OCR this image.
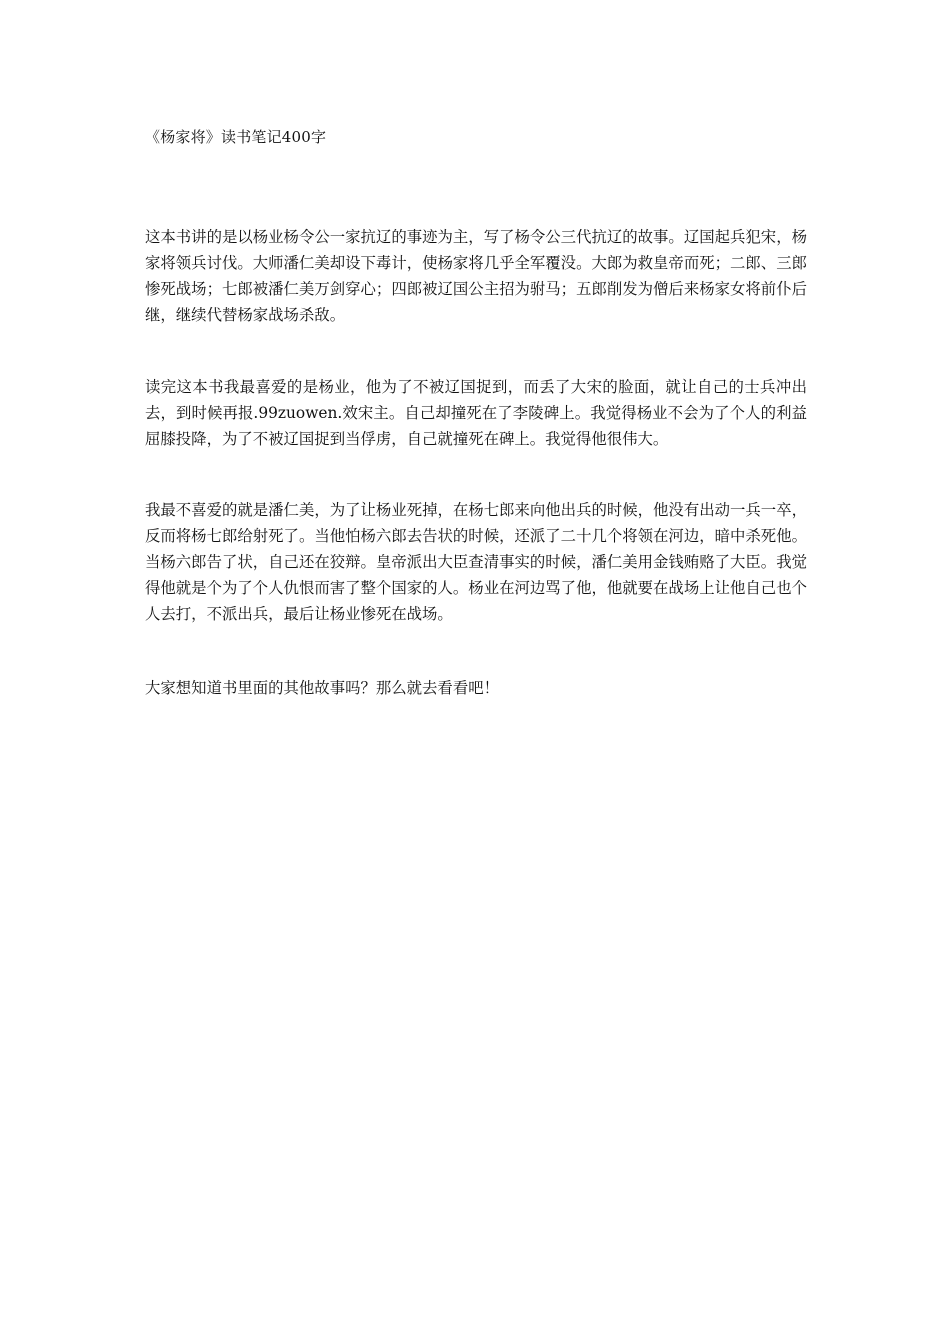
《杨家将》读书笔记400字

这本书讲的是以杨业杨令公一家抗辽的事迹为主，写了杨令公三代抗辽的故事。辽国起兵犯宋，杨家将领兵讨伐。大师潘仁美却设下毒计，使杨家将几乎全军覆没。大郎为救皇帝而死；二郎、三郎惨死战场；七郎被潘仁美万剑穿心；四郎被辽国公主招为驸马；五郎削发为僧后来杨家女将前仆后继，继续代替杨家战场杀敌。

读完这本书我最喜爱的是杨业，他为了不被辽国捉到，而丢了大宋的脸面，就让自己的士兵冲出去，到时候再报.99zuowen.效宋主。自己却撞死在了李陵碑上。我觉得杨业不会为了个人的利益屈膝投降，为了不被辽国捉到当俘虏，自己就撞死在碑上。我觉得他很伟大。

我最不喜爱的就是潘仁美，为了让杨业死掉，在杨七郎来向他出兵的时候，他没有出动一兵一卒，反而将杨七郎给射死了。当他怕杨六郎去告状的时候，还派了二十几个将领在河边，暗中杀死他。当杨六郎告了状，自己还在狡辩。皇帝派出大臣查清事实的时候，潘仁美用金钱贿赂了大臣。我觉得他就是个为了个人仇恨而害了整个国家的人。杨业在河边骂了他，他就要在战场上让他自己也个人去打，不派出兵，最后让杨业惨死在战场。

大家想知道书里面的其他故事吗？那么就去看看吧！
